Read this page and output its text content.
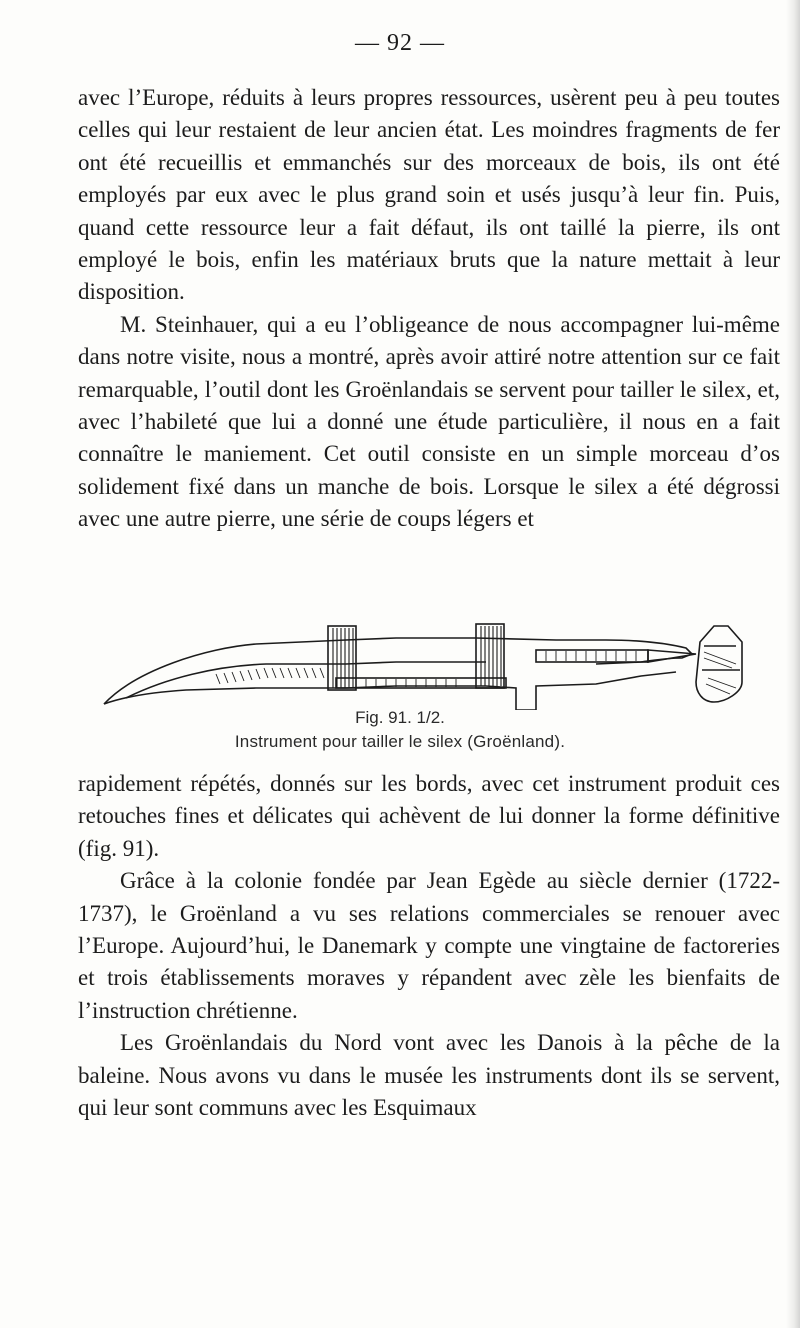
— 92 —

avec l’Europe, réduits à leurs propres ressources, usèrent peu à peu toutes celles qui leur restaient de leur ancien état. Les moindres fragments de fer ont été recueillis et emmanchés sur des morceaux de bois, ils ont été employés par eux avec le plus grand soin et usés jusqu’à leur fin. Puis, quand cette ressource leur a fait défaut, ils ont taillé la pierre, ils ont employé le bois, enfin les matériaux bruts que la nature mettait à leur disposition.

M. Steinhauer, qui a eu l’obligeance de nous accompagner lui-même dans notre visite, nous a montré, après avoir attiré notre attention sur ce fait remarquable, l’outil dont les Groënlandais se servent pour tailler le silex, et, avec l’habileté que lui a donné une étude particulière, il nous en a fait connaître le maniement. Cet outil consiste en un simple morceau d’os solidement fixé dans un manche de bois. Lorsque le silex a été dégrossi avec une autre pierre, une série de coups légers et

Fig. 91. 1/2.
Instrument pour tailler le silex (Groënland).

rapidement répétés, donnés sur les bords, avec cet instrument produit ces retouches fines et délicates qui achèvent de lui donner la forme définitive (fig. 91).

Grâce à la colonie fondée par Jean Egède au siècle dernier (1722-1737), le Groënland a vu ses relations commerciales se renouer avec l’Europe. Aujourd’hui, le Danemark y compte une vingtaine de factoreries et trois établissements moraves y répandent avec zèle les bienfaits de l’instruction chrétienne.

Les Groënlandais du Nord vont avec les Danois à la pêche de la baleine. Nous avons vu dans le musée les instruments dont ils se servent, qui leur sont communs avec les Esquimaux
